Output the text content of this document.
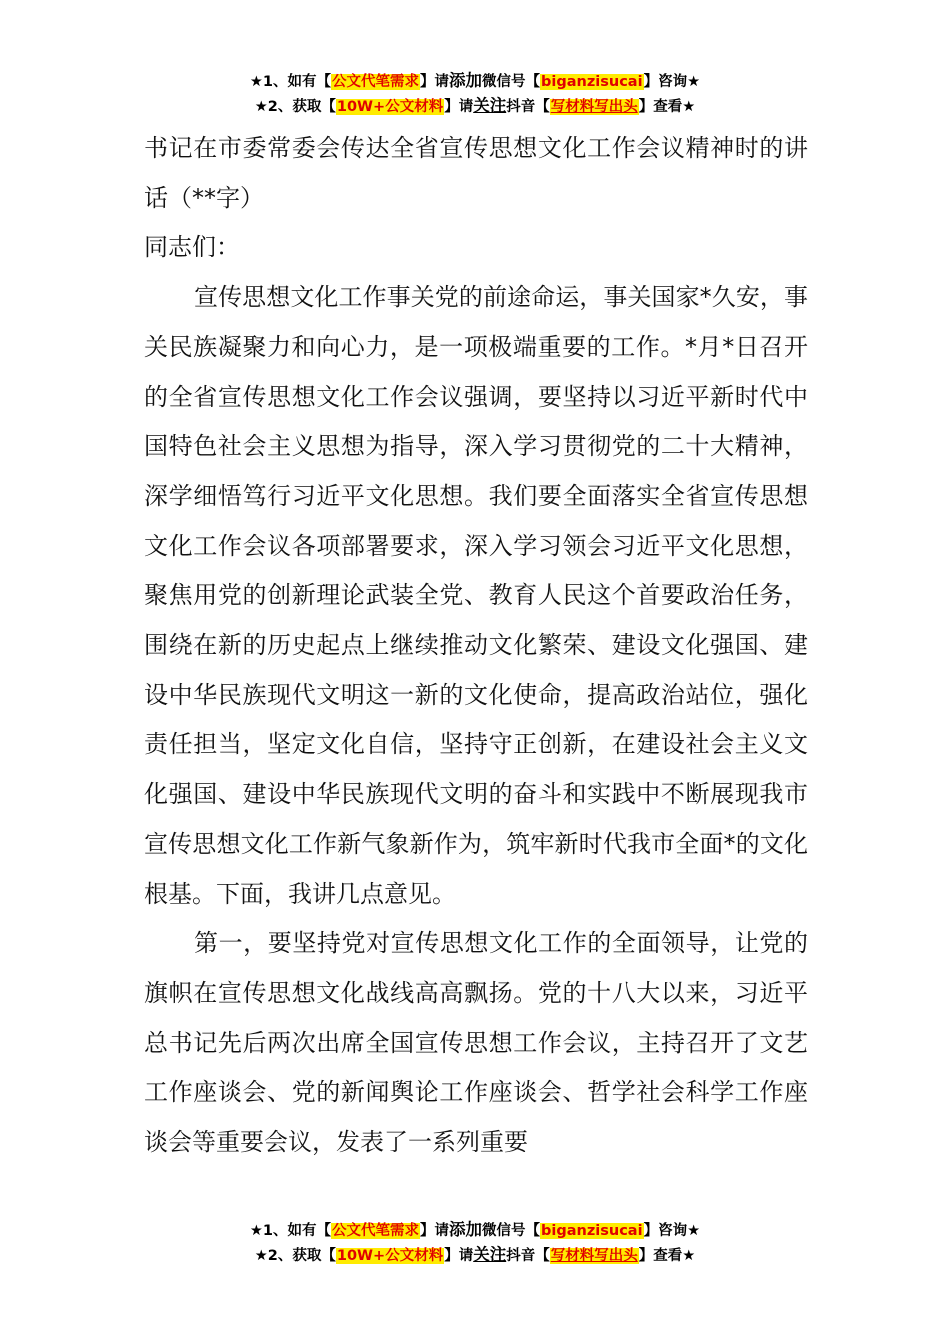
★1、如有【公文代笔需求】请添加微信号【biganzisucai】咨询★
★2、获取【10W+公文材料】请关注抖音【写材料写出头】查看★

书记在市委常委会传达全省宣传思想文化工作会议精神时的讲话（**字）

同志们：

宣传思想文化工作事关党的前途命运，事关国家*久安，事关民族凝聚力和向心力，是一项极端重要的工作。*月*日召开的全省宣传思想文化工作会议强调，要坚持以习近平新时代中国特色社会主义思想为指导，深入学习贯彻党的二十大精神，深学细悟笃行习近平文化思想。我们要全面落实全省宣传思想文化工作会议各项部署要求，深入学习领会习近平文化思想，聚焦用党的创新理论武装全党、教育人民这个首要政治任务，围绕在新的历史起点上继续推动文化繁荣、建设文化强国、建设中华民族现代文明这一新的文化使命，提高政治站位，强化责任担当，坚定文化自信，坚持守正创新，在建设社会主义文化强国、建设中华民族现代文明的奋斗和实践中不断展现我市宣传思想文化工作新气象新作为，筑牢新时代我市全面*的文化根基。下面，我讲几点意见。

第一，要坚持党对宣传思想文化工作的全面领导，让党的旗帜在宣传思想文化战线高高飘扬。党的十八大以来，习近平总书记先后两次出席全国宣传思想工作会议，主持召开了文艺工作座谈会、党的新闻舆论工作座谈会、哲学社会科学工作座谈会等重要会议，发表了一系列重要

★1、如有【公文代笔需求】请添加微信号【biganzisucai】咨询★
★2、获取【10W+公文材料】请关注抖音【写材料写出头】查看★
